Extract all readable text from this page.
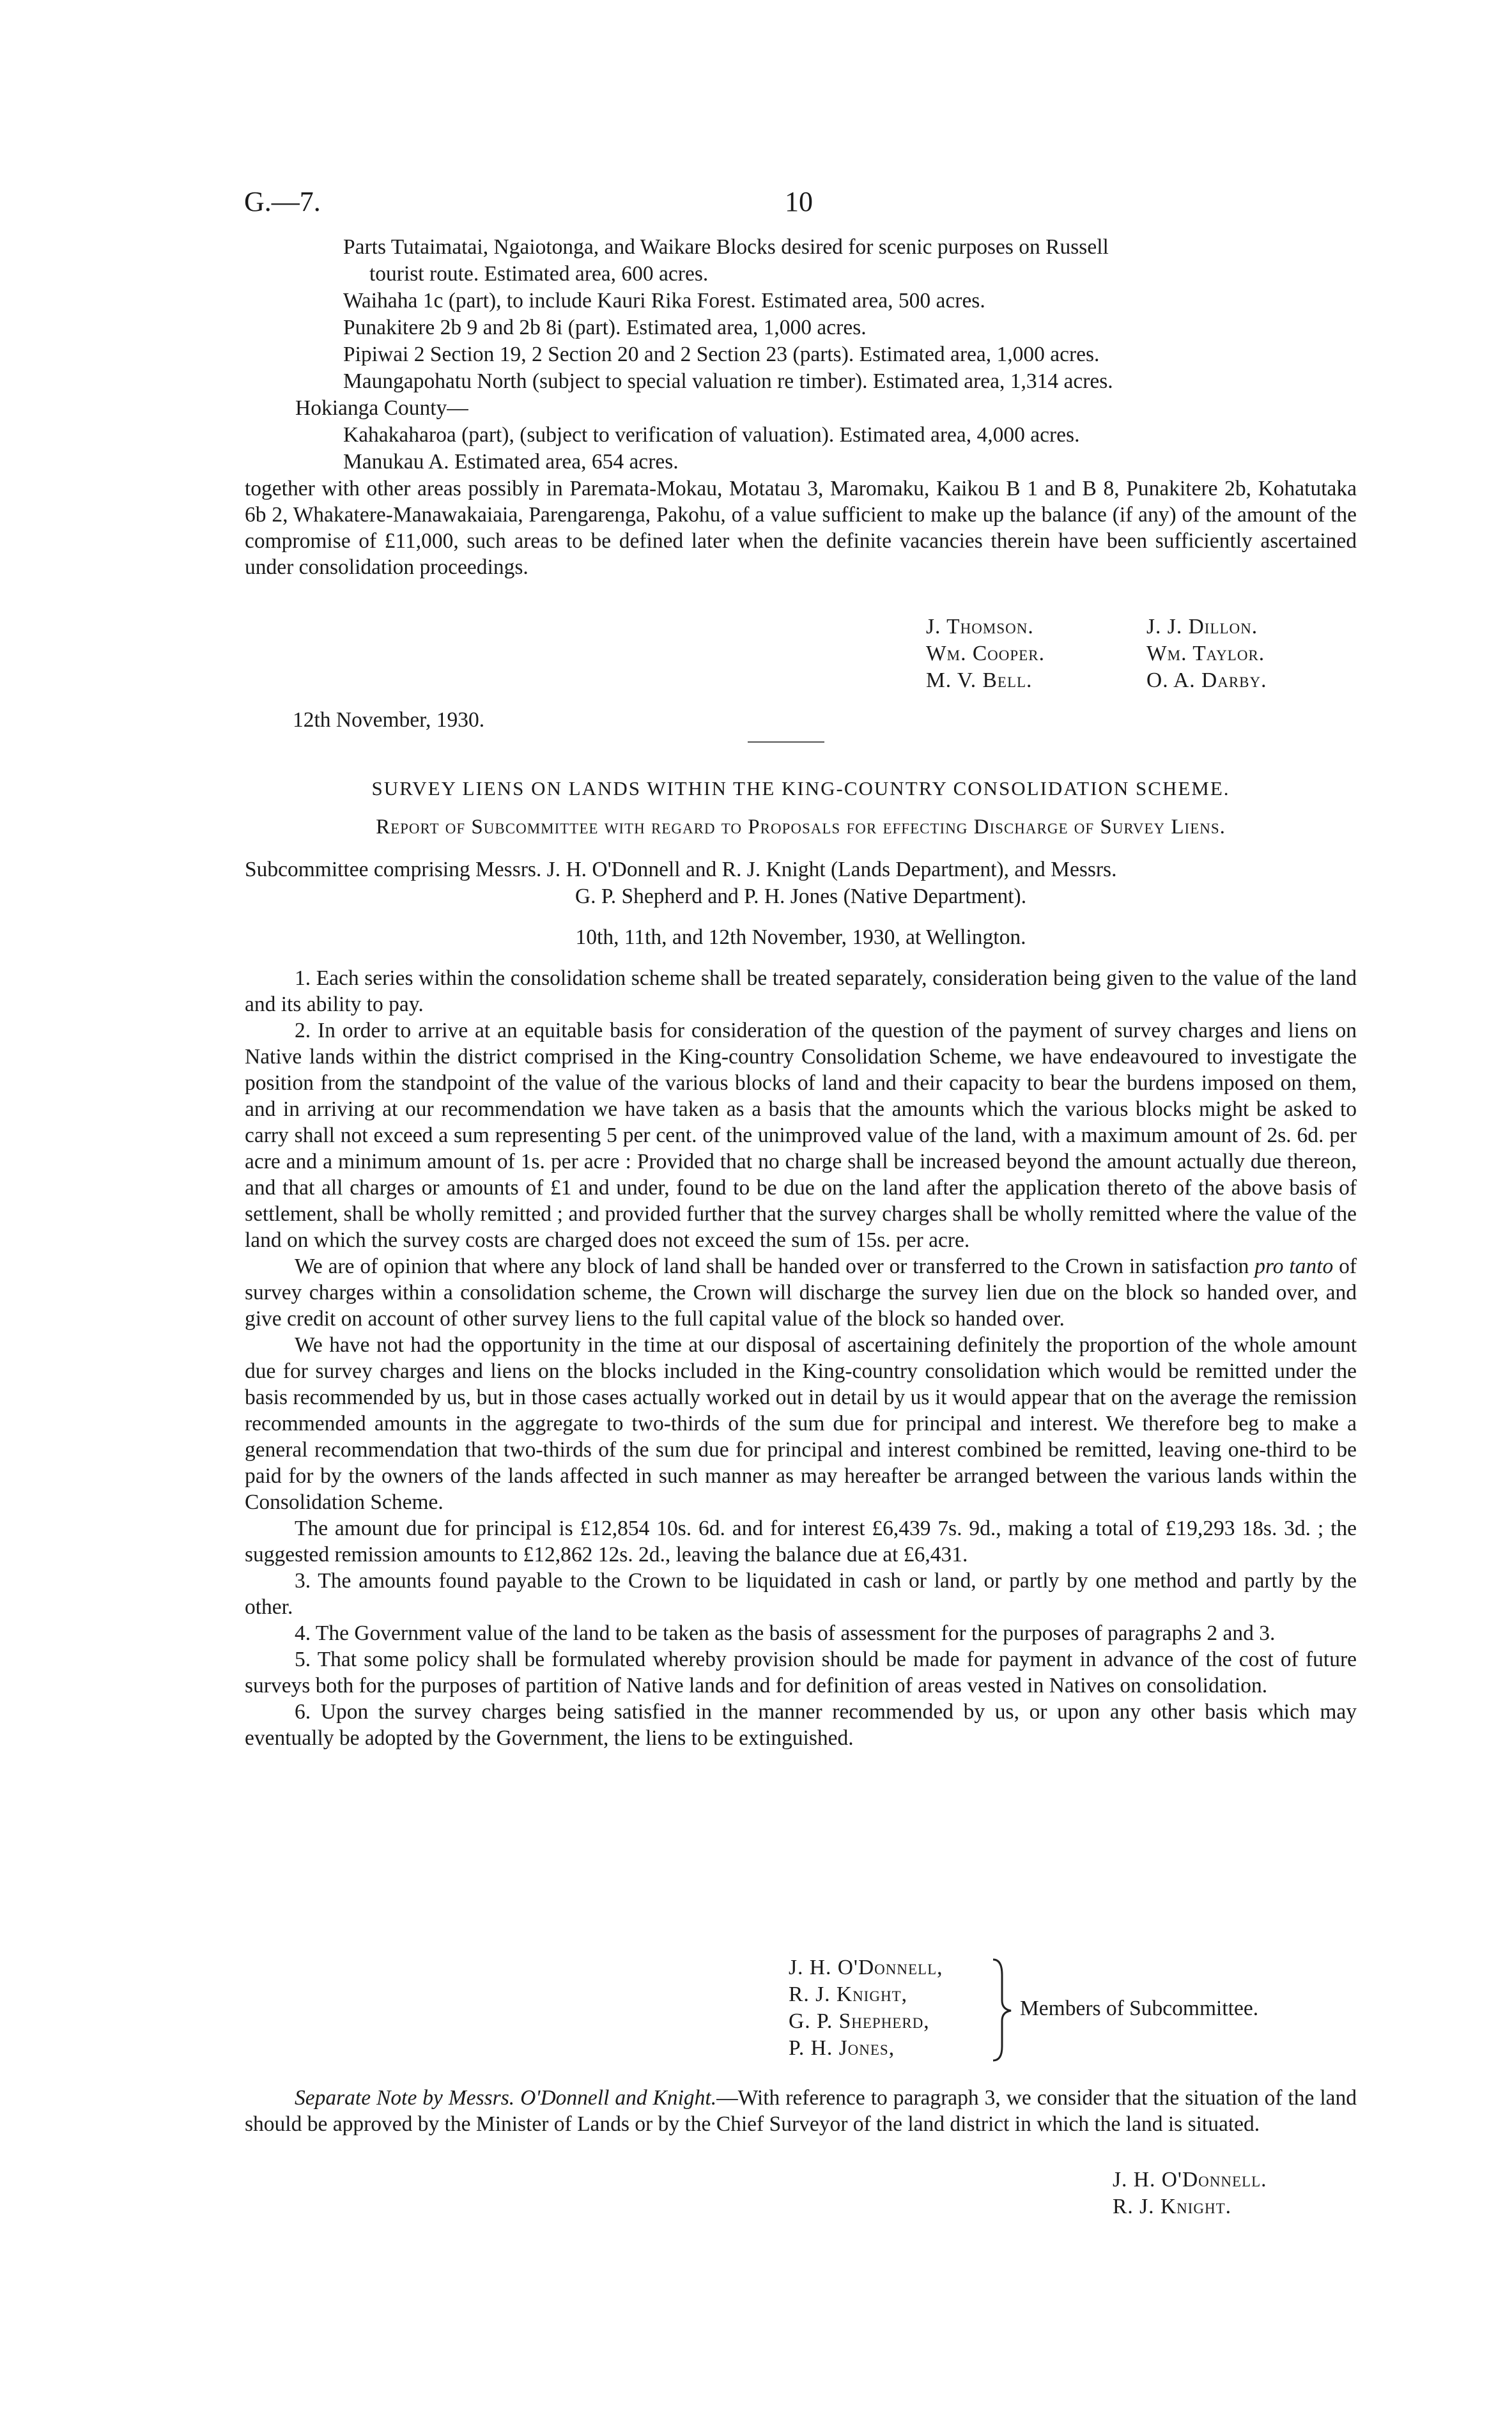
G.—7.	10
Parts Tutaimatai, Ngaiotonga, and Waikare Blocks desired for scenic purposes on Russell
tourist route. Estimated area, 600 acres.
Waihaha 1c (part), to include Kauri Rika Forest. Estimated area, 500 acres.
Punakitere 2b 9 and 2b 8i (part). Estimated area, 1,000 acres.
Pipiwai 2 Section 19, 2 Section 20 and 2 Section 23 (parts). Estimated area, 1,000 acres.
Maungapohatu North (subject to special valuation re timber). Estimated area, 1,314 acres.
Hokianga County—
Kahakaharoa (part), (subject to verification of valuation). Estimated area, 4,000 acres.
Manukau A. Estimated area, 654 acres.

together with other areas possibly in Paremata-Mokau, Motatau 3, Maromaku, Kaikou B 1 and B 8, Punakitere 2b, Kohatutaka 6b 2, Whakatere-Manawakaiaia, Parengarenga, Pakohu, of a value sufficient to make up the balance (if any) of the amount of the compromise of £11,000, such areas to be defined later when the definite vacancies therein have been sufficiently ascertained under consolidation proceedings.

J. Thomson.
Wm. Cooper.
M. V. Bell.
J. J. Dillon.
Wm. Taylor.
O. A. Darby.
12th November, 1930.
SURVEY LIENS ON LANDS WITHIN THE KING-COUNTRY CONSOLIDATION SCHEME.
Report of Subcommittee with regard to Proposals for effecting Discharge of Survey Liens.
Subcommittee comprising Messrs. J. H. O'Donnell and R. J. Knight (Lands Department), and Messrs.
G. P. Shepherd and P. H. Jones (Native Department).
10th, 11th, and 12th November, 1930, at Wellington.

1. Each series within the consolidation scheme shall be treated separately, consideration being given to the value of the land and its ability to pay.

2. In order to arrive at an equitable basis for consideration of the question of the payment of survey charges and liens on Native lands within the district comprised in the King-country Consolidation Scheme, we have endeavoured to investigate the position from the standpoint of the value of the various blocks of land and their capacity to bear the burdens imposed on them, and in arriving at our recommendation we have taken as a basis that the amounts which the various blocks might be asked to carry shall not exceed a sum representing 5 per cent. of the unimproved value of the land, with a maximum amount of 2s. 6d. per acre and a minimum amount of 1s. per acre : Provided that no charge shall be increased beyond the amount actually due thereon, and that all charges or amounts of £1 and under, found to be due on the land after the application thereto of the above basis of settlement, shall be wholly remitted ; and provided further that the survey charges shall be wholly remitted where the value of the land on which the survey costs are charged does not exceed the sum of 15s. per acre.

We are of opinion that where any block of land shall be handed over or transferred to the Crown in satisfaction pro tanto of survey charges within a consolidation scheme, the Crown will discharge the survey lien due on the block so handed over, and give credit on account of other survey liens to the full capital value of the block so handed over.

We have not had the opportunity in the time at our disposal of ascertaining definitely the proportion of the whole amount due for survey charges and liens on the blocks included in the King-country consolidation which would be remitted under the basis recommended by us, but in those cases actually worked out in detail by us it would appear that on the average the remission recommended amounts in the aggregate to two-thirds of the sum due for principal and interest. We therefore beg to make a general recommendation that two-thirds of the sum due for principal and interest combined be remitted, leaving one-third to be paid for by the owners of the lands affected in such manner as may hereafter be arranged between the various lands within the Consolidation Scheme.

The amount due for principal is £12,854 10s. 6d. and for interest £6,439 7s. 9d., making a total of £19,293 18s. 3d. ; the suggested remission amounts to £12,862 12s. 2d., leaving the balance due at £6,431.

3. The amounts found payable to the Crown to be liquidated in cash or land, or partly by one method and partly by the other.

4. The Government value of the land to be taken as the basis of assessment for the purposes of paragraphs 2 and 3.

5. That some policy shall be formulated whereby provision should be made for payment in advance of the cost of future surveys both for the purposes of partition of Native lands and for definition of areas vested in Natives on consolidation.

6. Upon the survey charges being satisfied in the manner recommended by us, or upon any other basis which may eventually be adopted by the Government, the liens to be extinguished.

J. H. O'Donnell,
R. J. Knight,
G. P. Shepherd,
P. H. Jones,
Members of Subcommittee.

Separate Note by Messrs. O'Donnell and Knight.—With reference to paragraph 3, we consider that the situation of the land should be approved by the Minister of Lands or by the Chief Surveyor of the land district in which the land is situated.

J. H. O'Donnell.
R. J. Knight.
